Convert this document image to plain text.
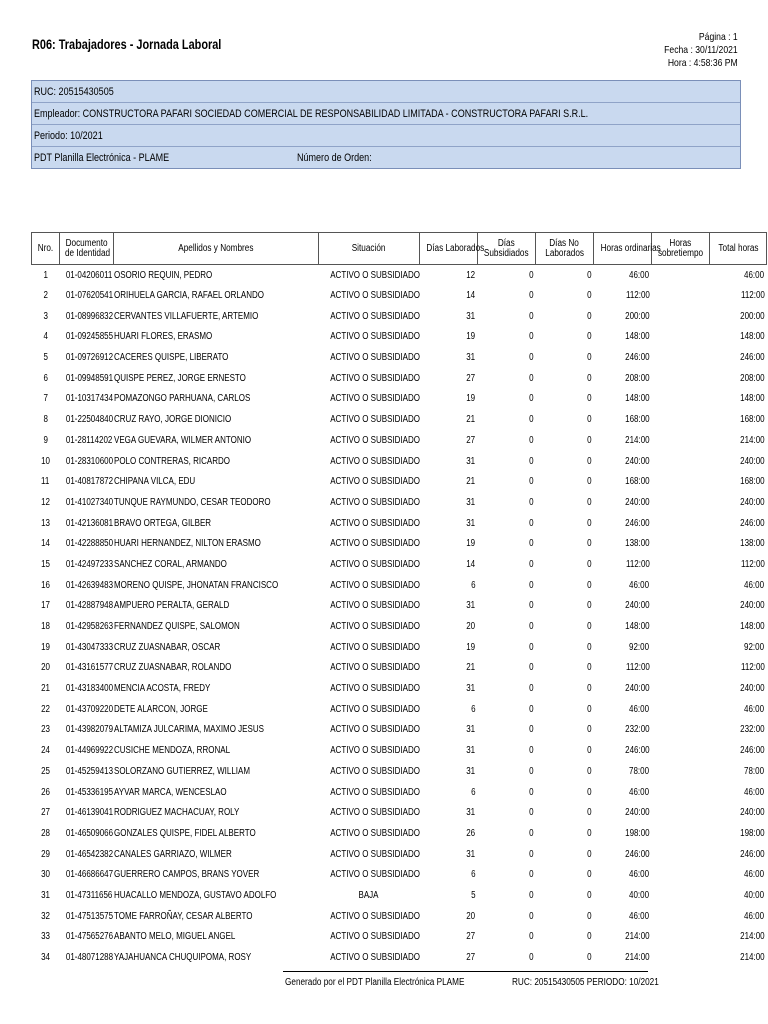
R06: Trabajadores - Jornada Laboral	Página : 1
Fecha : 30/11/2021
Hora : 4:58:36 PM
RUC: 20515430505
Empleador: CONSTRUCTORA PAFARI SOCIEDAD COMERCIAL DE RESPONSABILIDAD LIMITADA - CONSTRUCTORA PAFARI S.R.L.
Periodo: 10/2021
PDT Planilla Electrónica - PLAME	Número de Orden:
Nro.	Documento
de Identidad	Apellidos y Nombres	Situación	Días Laborados	Días
Subsidiados	Días No
Laborados	Horas ordinarias	Horas
sobretiempo	Total horas
1	01-04206011	OSORIO REQUIN, PEDRO	ACTIVO O SUBSIDIADO	12	0	0	46:00		46:00
2	01-07620541	ORIHUELA GARCIA, RAFAEL ORLANDO	ACTIVO O SUBSIDIADO	14	0	0	112:00		112:00
3	01-08996832	CERVANTES VILLAFUERTE, ARTEMIO	ACTIVO O SUBSIDIADO	31	0	0	200:00		200:00
4	01-09245855	HUARI FLORES, ERASMO	ACTIVO O SUBSIDIADO	19	0	0	148:00		148:00
5	01-09726912	CACERES QUISPE, LIBERATO	ACTIVO O SUBSIDIADO	31	0	0	246:00		246:00
6	01-09948591	QUISPE PEREZ, JORGE ERNESTO	ACTIVO O SUBSIDIADO	27	0	0	208:00		208:00
7	01-10317434	POMAZONGO PARHUANA, CARLOS	ACTIVO O SUBSIDIADO	19	0	0	148:00		148:00
8	01-22504840	CRUZ RAYO, JORGE DIONICIO	ACTIVO O SUBSIDIADO	21	0	0	168:00		168:00
9	01-28114202	VEGA GUEVARA, WILMER ANTONIO	ACTIVO O SUBSIDIADO	27	0	0	214:00		214:00
10	01-28310600	POLO CONTRERAS, RICARDO	ACTIVO O SUBSIDIADO	31	0	0	240:00		240:00
11	01-40817872	CHIPANA VILCA, EDU	ACTIVO O SUBSIDIADO	21	0	0	168:00		168:00
12	01-41027340	TUNQUE RAYMUNDO, CESAR TEODORO	ACTIVO O SUBSIDIADO	31	0	0	240:00		240:00
13	01-42136081	BRAVO ORTEGA, GILBER	ACTIVO O SUBSIDIADO	31	0	0	246:00		246:00
14	01-42288850	HUARI HERNANDEZ, NILTON ERASMO	ACTIVO O SUBSIDIADO	19	0	0	138:00		138:00
15	01-42497233	SANCHEZ CORAL, ARMANDO	ACTIVO O SUBSIDIADO	14	0	0	112:00		112:00
16	01-42639483	MORENO QUISPE, JHONATAN FRANCISCO	ACTIVO O SUBSIDIADO	6	0	0	46:00		46:00
17	01-42887948	AMPUERO PERALTA, GERALD	ACTIVO O SUBSIDIADO	31	0	0	240:00		240:00
18	01-42958263	FERNANDEZ QUISPE, SALOMON	ACTIVO O SUBSIDIADO	20	0	0	148:00		148:00
19	01-43047333	CRUZ ZUASNABAR, OSCAR	ACTIVO O SUBSIDIADO	19	0	0	92:00		92:00
20	01-43161577	CRUZ ZUASNABAR, ROLANDO	ACTIVO O SUBSIDIADO	21	0	0	112:00		112:00
21	01-43183400	MENCIA ACOSTA, FREDY	ACTIVO O SUBSIDIADO	31	0	0	240:00		240:00
22	01-43709220	DETE ALARCON, JORGE	ACTIVO O SUBSIDIADO	6	0	0	46:00		46:00
23	01-43982079	ALTAMIZA JULCARIMA, MAXIMO JESUS	ACTIVO O SUBSIDIADO	31	0	0	232:00		232:00
24	01-44969922	CUSICHE MENDOZA, RRONAL	ACTIVO O SUBSIDIADO	31	0	0	246:00		246:00
25	01-45259413	SOLORZANO GUTIERREZ, WILLIAM	ACTIVO O SUBSIDIADO	31	0	0	78:00		78:00
26	01-45336195	AYVAR MARCA, WENCESLAO	ACTIVO O SUBSIDIADO	6	0	0	46:00		46:00
27	01-46139041	RODRIGUEZ MACHACUAY, ROLY	ACTIVO O SUBSIDIADO	31	0	0	240:00		240:00
28	01-46509066	GONZALES QUISPE, FIDEL ALBERTO	ACTIVO O SUBSIDIADO	26	0	0	198:00		198:00
29	01-46542382	CANALES GARRIAZO, WILMER	ACTIVO O SUBSIDIADO	31	0	0	246:00		246:00
30	01-46686647	GUERRERO CAMPOS, BRANS YOVER	ACTIVO O SUBSIDIADO	6	0	0	46:00		46:00
31	01-47311656	HUACALLO MENDOZA, GUSTAVO ADOLFO	BAJA	5	0	0	40:00		40:00
32	01-47513575	TOME FARROÑAY, CESAR ALBERTO	ACTIVO O SUBSIDIADO	20	0	0	46:00		46:00
33	01-47565276	ABANTO MELO, MIGUEL ANGEL	ACTIVO O SUBSIDIADO	27	0	0	214:00		214:00
34	01-48071288	YAJAHUANCA CHUQUIPOMA, ROSY	ACTIVO O SUBSIDIADO	27	0	0	214:00		214:00
Generado por el PDT Planilla Electrónica PLAME	RUC: 20515430505 PERIODO: 10/2021
